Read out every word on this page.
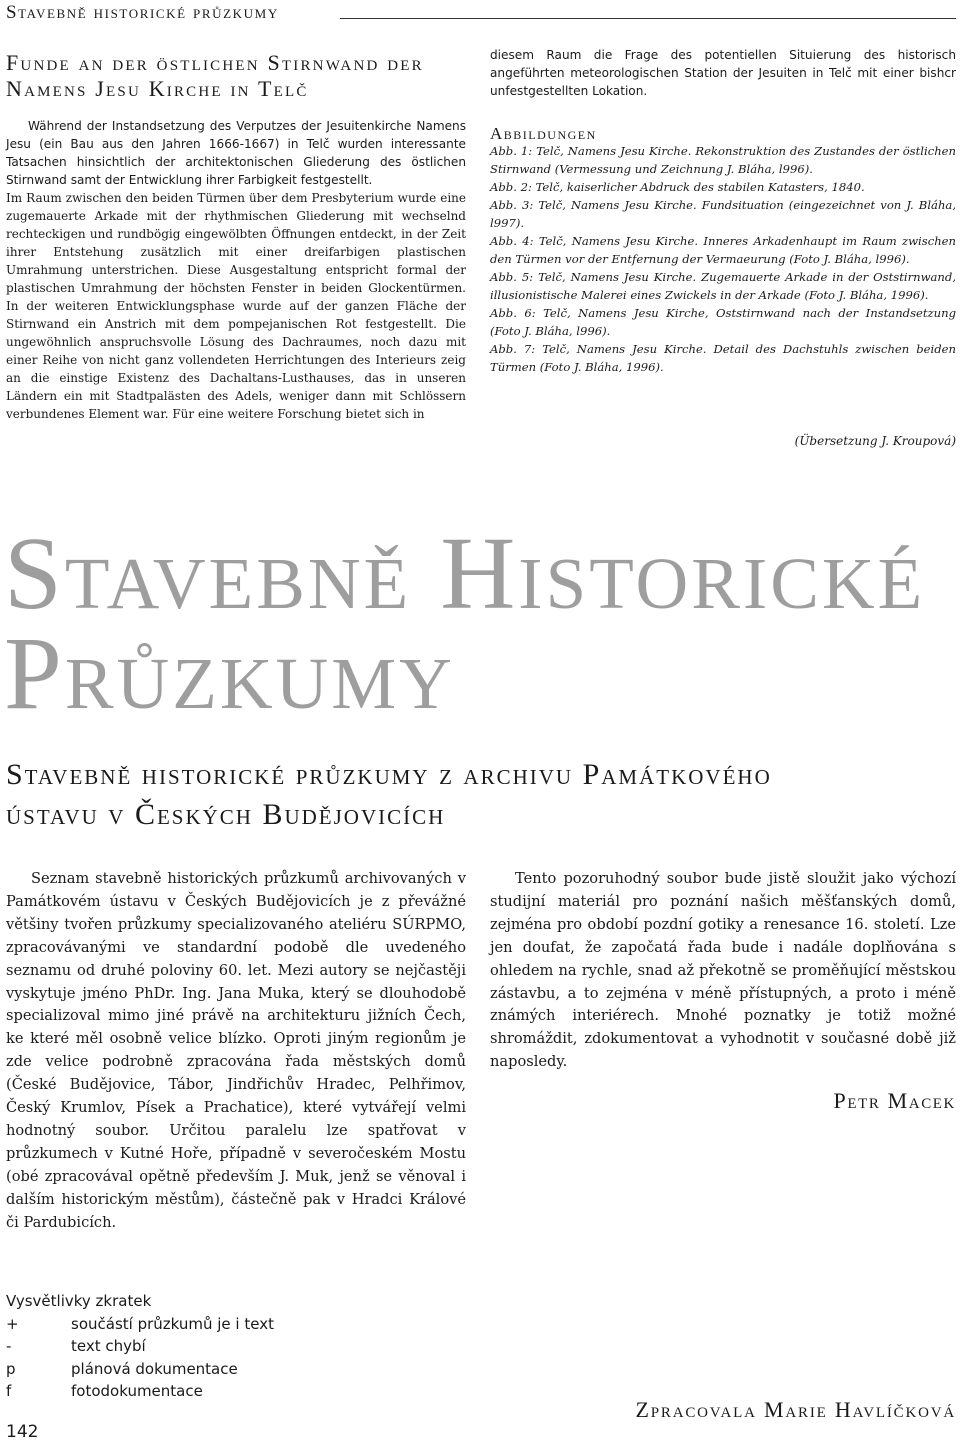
Stavebně historické průzkumy
Funde an der östlichen Stirnwand der
Namens Jesu Kirche in Telč
Während der Instandsetzung des Verputzes der Jesuitenkirche Namens Jesu (ein Bau aus den Jahren 1666-1667) in Telč wurden interessante Tatsachen hinsichtlich der architektonischen Gliederung des östlichen Stirnwand samt der Entwicklung ihrer Farbigkeit festgestellt.
Im Raum zwischen den beiden Türmen über dem Presbyterium wurde eine zugemauerte Arkade mit der rhythmischen Gliederung mit wechselnd rechteckigen und rundbögig eingewölbten Öffnungen entdeckt, in der Zeit ihrer Entstehung zusätzlich mit einer dreifarbigen plastischen Umrahmung unterstrichen. Diese Ausgestaltung entspricht formal der plastischen Umrahmung der höchsten Fenster in beiden Glockentürmen. In der weiteren Entwicklungsphase wurde auf der ganzen Fläche der Stirnwand ein Anstrich mit dem pompejanischen Rot festgestellt. Die ungewöhnlich anspruchsvolle Lösung des Dachraumes, noch dazu mit einer Reihe von nicht ganz vollendeten Herrichtungen des Interieurs zeig an die einstige Existenz des Dachaltans-Lusthauses, das in unseren Ländern ein mit Stadtpalästen des Adels, weniger dann mit Schlössern verbundenes Element war. Für eine weitere Forschung bietet sich in
diesem Raum die Frage des potentiellen Situierung des historisch angeführten meteorologischen Station der Jesuiten in Telč mit einer bishcr unfestgestellten Lokation.
Abbildungen
Abb. 1: Telč, Namens Jesu Kirche. Rekonstruktion des Zustandes der östlichen Stirnwand (Vermessung und Zeichnung J. Bláha, l996).
Abb. 2: Telč, kaiserlicher Abdruck des stabilen Katasters, 1840.
Abb. 3: Telč, Namens Jesu Kirche. Fundsituation (eingezeichnet von J. Bláha, l997).
Abb. 4: Telč, Namens Jesu Kirche. Inneres Arkadenhaupt im Raum zwischen den Türmen vor der Entfernung der Vermaeurung (Foto J. Bláha, l996).
Abb. 5: Telč, Namens Jesu Kirche. Zugemauerte Arkade in der Oststirnwand, illusionistische Malerei eines Zwickels in der Arkade (Foto J. Bláha, 1996).
Abb. 6: Telč, Namens Jesu Kirche, Oststirnwand nach der Instandsetzung (Foto J. Bláha, l996).
Abb. 7: Telč, Namens Jesu Kirche. Detail des Dachstuhls zwischen beiden Türmen (Foto J. Bláha, 1996).
(Übersetzung J. Kroupová)
Stavebně Historické
Průzkumy
Stavebně historické průzkumy z archivu Památkového
ústavu v Českých Budějovicích
Seznam stavebně historických průzkumů archivovaných v Památkovém ústavu v Českých Budějovicích je z převážné většiny tvořen průzkumy specializovaného ateliéru SÚRPMO, zpracovávanými ve standardní podobě dle uvedeného seznamu od druhé poloviny 60. let. Mezi autory se nejčastěji vyskytuje jméno PhDr. Ing. Jana Muka, který se dlouhodobě specializoval mimo jiné právě na architekturu jižních Čech, ke které měl osobně velice blízko. Oproti jiným regionům je zde velice podrobně zpracována řada městských domů (České Budějovice, Tábor, Jindřichův Hradec, Pelhřimov, Český Krumlov, Písek a Prachatice), které vytvářejí velmi hodnotný soubor. Určitou paralelu lze spatřovat v průzkumech v Kutné Hoře, případně v severočeském Mostu (obé zpracovával opětně především J. Muk, jenž se věnoval i dalším historickým městům), částečně pak v Hradci Králové či Pardubicích.
Tento pozoruhodný soubor bude jistě sloužit jako výchozí studijní materiál pro poznání našich měšťanských domů, zejména pro období pozdní gotiky a renesance 16. století. Lze jen doufat, že započatá řada bude i nadále doplňována s ohledem na rychle, snad až překotně se proměňující městskou zástavbu, a to zejména v méně přístupných, a proto i méně známých interiérech. Mnohé poznatky je totiž možné shromáždit, zdokumentovat a vyhodnotit v současné době již naposledy.
Petr Macek
Vysvětlivky zkratek
+	součástí průzkumů je i text
-	text chybí
p	plánová dokumentace
f	fotodokumentace
142
Zpracovala Marie Havlíčková
